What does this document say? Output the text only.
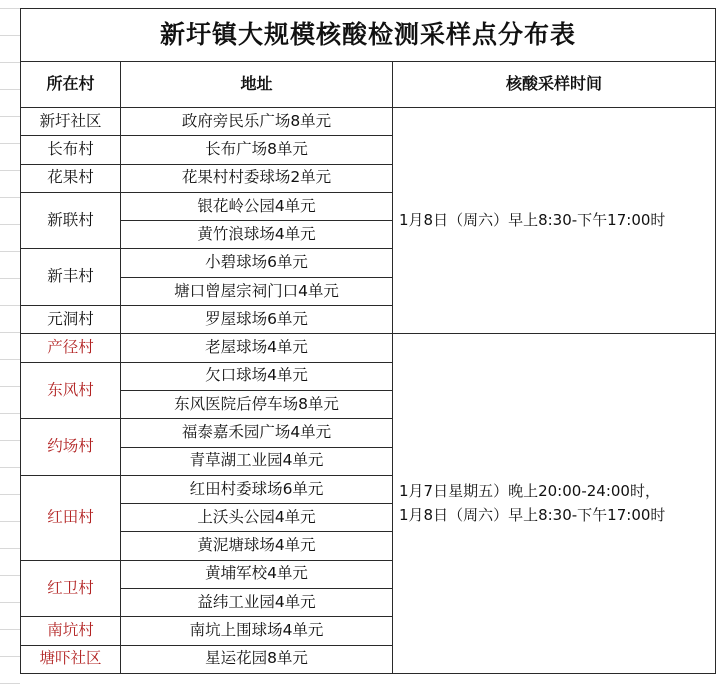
新圩镇大规模核酸检测采样点分布表		
所在村	地址	核酸采样时间
新圩社区	政府旁民乐广场8单元	1月8日（周六）早上8:30-下午17:00时

长布村	长布广场8单元	
花果村	花果村村委球场2单元	
新联村	银花岭公园4单元	
	黄竹浪球场4单元	
新丰村	小碧球场6单元	
	塘口曾屋宗祠门口4单元	
元洞村	罗屋球场6单元	
产径村	老屋球场4单元	1月7日星期五）晚上20:00-24:00时，
1月8日（周六）早上8:30-下午17:00时

东风村	欠口球场4单元	
	东风医院后停车场8单元	
约场村	福泰嘉禾园广场4单元	
	青草湖工业园4单元	
红田村	红田村委球场6单元	
	上沃头公园4单元	
	黄泥塘球场4单元	
红卫村	黄埔军校4单元	
	益纬工业园4单元	
南坑村	南坑上围球场4单元	
塘吓社区	星运花园8单元	
